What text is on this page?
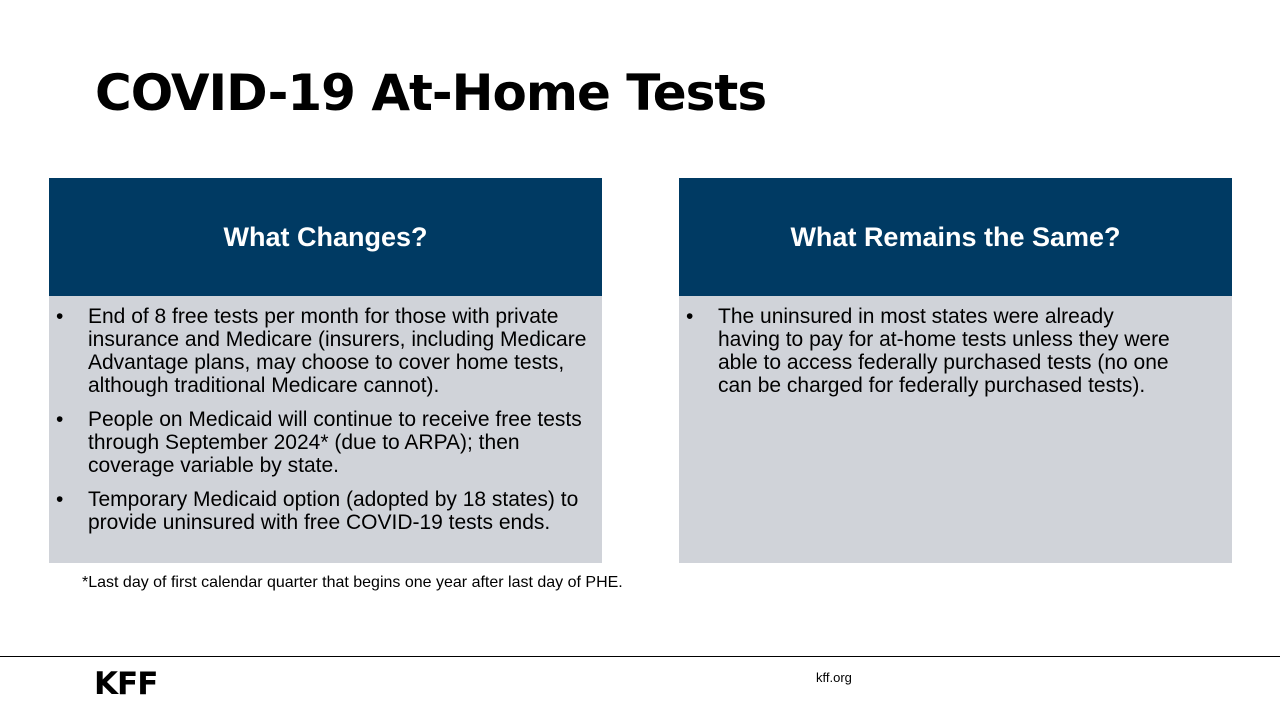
COVID-19 At-Home Tests
What Changes?
•	End of 8 free tests per month for those with private insurance and Medicare (insurers, including Medicare Advantage plans, may choose to cover home tests, although traditional Medicare cannot).
•	People on Medicaid will continue to receive free tests through September 2024* (due to ARPA); then coverage variable by state.
•	Temporary Medicaid option (adopted by 18 states) to provide uninsured with free COVID-19 tests ends.
What Remains the Same?
•	The uninsured in most states were already having to pay for at-home tests unless they were able to access federally purchased tests (no one can be charged for federally purchased tests).
*Last day of first calendar quarter that begins one year after last day of PHE.
KFF	kff.org
